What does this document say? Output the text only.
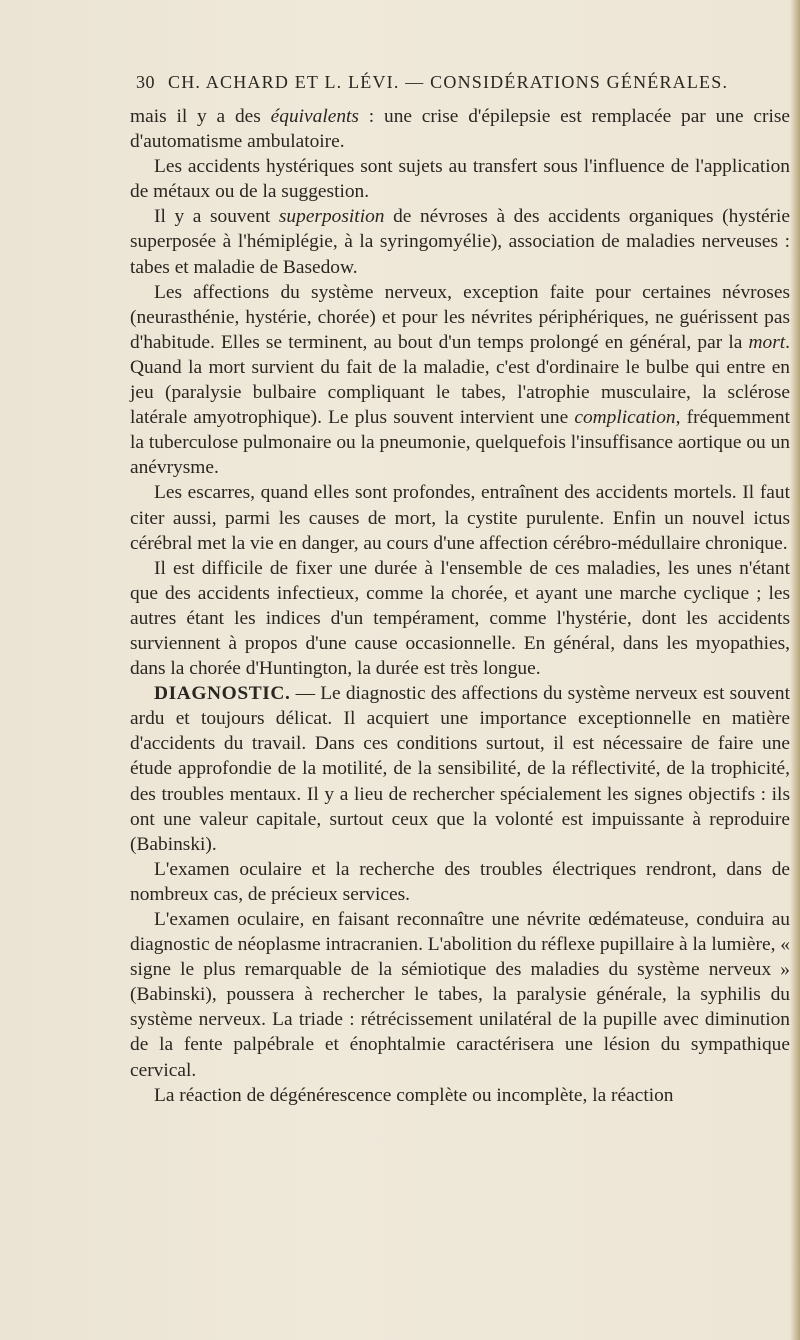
30 CH. ACHARD ET L. LÉVI. — CONSIDÉRATIONS GÉNÉRALES.

mais il y a des équivalents : une crise d'épilepsie est remplacée par une crise d'automatisme ambulatoire.

Les accidents hystériques sont sujets au transfert sous l'influence de l'application de métaux ou de la suggestion.

Il y a souvent superposition de névroses à des accidents organiques (hystérie superposée à l'hémiplégie, à la syringomyélie), association de maladies nerveuses : tabes et maladie de Basedow.

Les affections du système nerveux, exception faite pour certaines névroses (neurasthénie, hystérie, chorée) et pour les névrites périphériques, ne guérissent pas d'habitude. Elles se terminent, au bout d'un temps prolongé en général, par la mort. Quand la mort survient du fait de la maladie, c'est d'ordinaire le bulbe qui entre en jeu (paralysie bulbaire compliquant le tabes, l'atrophie musculaire, la sclérose latérale amyotrophique). Le plus souvent intervient une complication, fréquemment la tuberculose pulmonaire ou la pneumonie, quelquefois l'insuffisance aortique ou un anévrysme.

Les escarres, quand elles sont profondes, entraînent des accidents mortels. Il faut citer aussi, parmi les causes de mort, la cystite purulente. Enfin un nouvel ictus cérébral met la vie en danger, au cours d'une affection cérébro-médullaire chronique.

Il est difficile de fixer une durée à l'ensemble de ces maladies, les unes n'étant que des accidents infectieux, comme la chorée, et ayant une marche cyclique ; les autres étant les indices d'un tempérament, comme l'hystérie, dont les accidents surviennent à propos d'une cause occasionnelle. En général, dans les myopathies, dans la chorée d'Huntington, la durée est très longue.

DIAGNOSTIC. — Le diagnostic des affections du système nerveux est souvent ardu et toujours délicat. Il acquiert une importance exceptionnelle en matière d'accidents du travail. Dans ces conditions surtout, il est nécessaire de faire une étude approfondie de la motilité, de la sensibilité, de la réflectivité, de la trophicité, des troubles mentaux. Il y a lieu de rechercher spécialement les signes objectifs : ils ont une valeur capitale, surtout ceux que la volonté est impuissante à reproduire (Babinski).

L'examen oculaire et la recherche des troubles électriques rendront, dans de nombreux cas, de précieux services.

L'examen oculaire, en faisant reconnaître une névrite œdémateuse, conduira au diagnostic de néoplasme intracranien. L'abolition du réflexe pupillaire à la lumière, « signe le plus remarquable de la sémiotique des maladies du système nerveux » (Babinski), poussera à rechercher le tabes, la paralysie générale, la syphilis du système nerveux. La triade : rétrécissement unilatéral de la pupille avec diminution de la fente palpébrale et énophtalmie caractérisera une lésion du sympathique cervical.

La réaction de dégénérescence complète ou incomplète, la réaction
